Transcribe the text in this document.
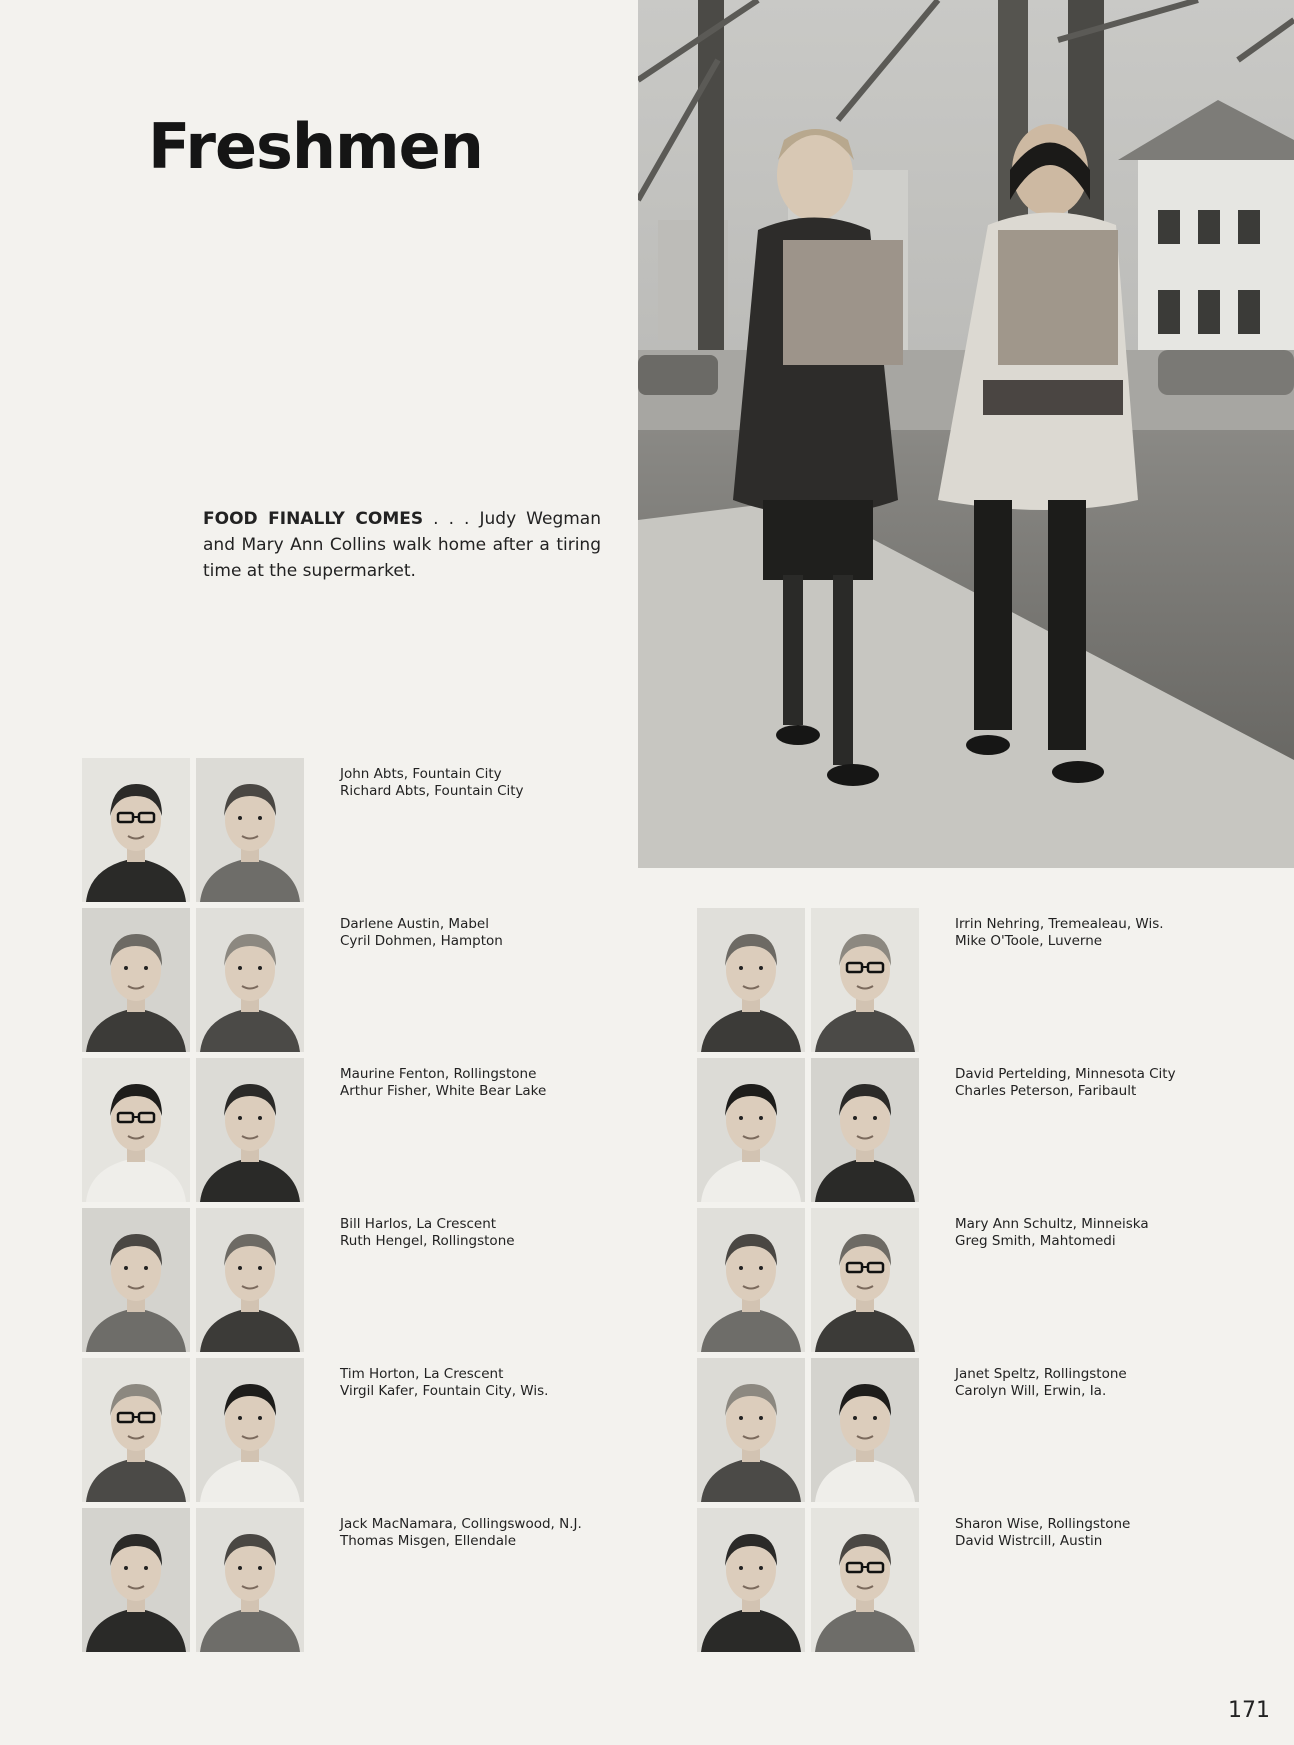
Freshmen
FOOD FINALLY COMES . . . Judy Wegman and Mary Ann Collins walk home after a tiring time at the supermarket.
John Abts, Fountain City
Richard Abts, Fountain City
Darlene Austin, Mabel
Cyril Dohmen, Hampton
Maurine Fenton, Rollingstone
Arthur Fisher, White Bear Lake
Bill Harlos, La Crescent
Ruth Hengel, Rollingstone
Tim Horton, La Crescent
Virgil Kafer, Fountain City, Wis.
Jack MacNamara, Collingswood, N.J.
Thomas Misgen, Ellendale
Irrin Nehring, Tremealeau, Wis.
Mike O'Toole, Luverne
David Pertelding, Minnesota City
Charles Peterson, Faribault
Mary Ann Schultz, Minneiska
Greg Smith, Mahtomedi
Janet Speltz, Rollingstone
Carolyn Will, Erwin, Ia.
Sharon Wise, Rollingstone
David Wistrcill, Austin
171
